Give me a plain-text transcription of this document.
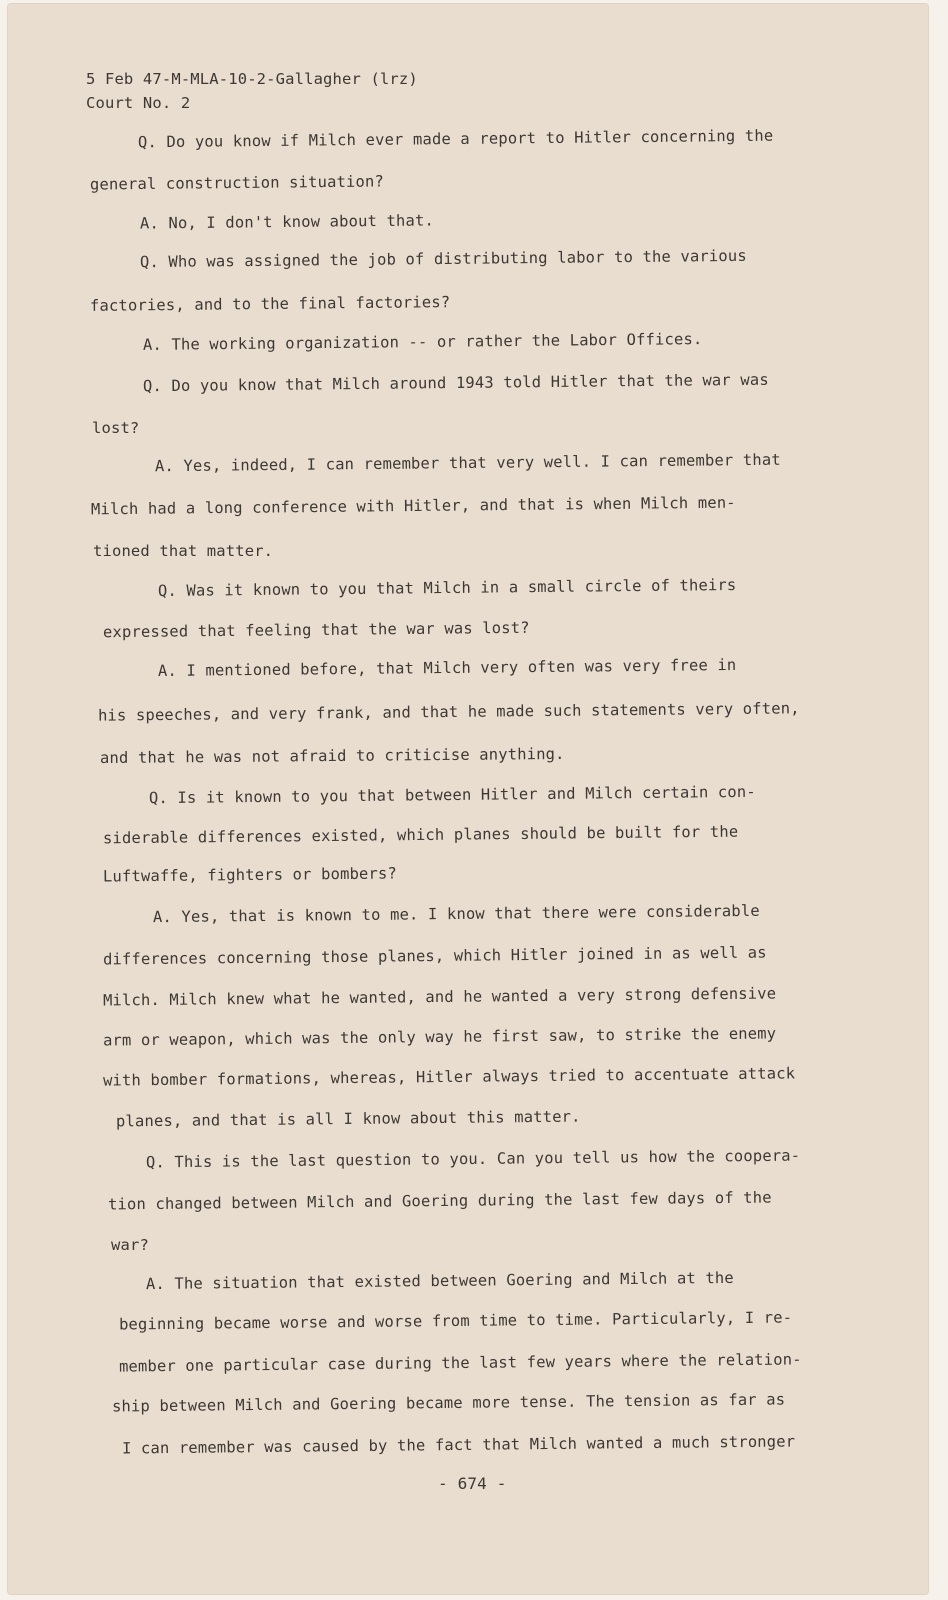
5 Feb 47-M-MLA-10-2-Gallagher (lrz)
Court No. 2
Q. Do you know if Milch ever made a report to Hitler concerning the
general construction situation?
A. No, I don't know about that.
Q. Who was assigned the job of distributing labor to the various
factories, and to the final factories?
A. The working organization -- or rather the Labor Offices.
Q. Do you know that Milch around 1943 told Hitler that the war was
lost?
A. Yes, indeed, I can remember that very well. I can remember that
Milch had a long conference with Hitler, and that is when Milch men-
tioned that matter.
Q. Was it known to you that Milch in a small circle of theirs
expressed that feeling that the war was lost?
A. I mentioned before, that Milch very often was very free in
his speeches, and very frank, and that he made such statements very often,
and that he was not afraid to criticise anything.
Q. Is it known to you that between Hitler and Milch certain con-
siderable differences existed, which planes should be built for the
Luftwaffe, fighters or bombers?
A. Yes, that is known to me. I know that there were considerable
differences concerning those planes, which Hitler joined in as well as
Milch. Milch knew what he wanted, and he wanted a very strong defensive
arm or weapon, which was the only way he first saw, to strike the enemy
with bomber formations, whereas, Hitler always tried to accentuate attack
planes, and that is all I know about this matter.
Q. This is the last question to you. Can you tell us how the coopera-
tion changed between Milch and Goering during the last few days of the
war?
A. The situation that existed between Goering and Milch at the
beginning became worse and worse from time to time. Particularly, I re-
member one particular case during the last few years where the relation-
ship between Milch and Goering became more tense. The tension as far as
I can remember was caused by the fact that Milch wanted a much stronger
- 674 -
